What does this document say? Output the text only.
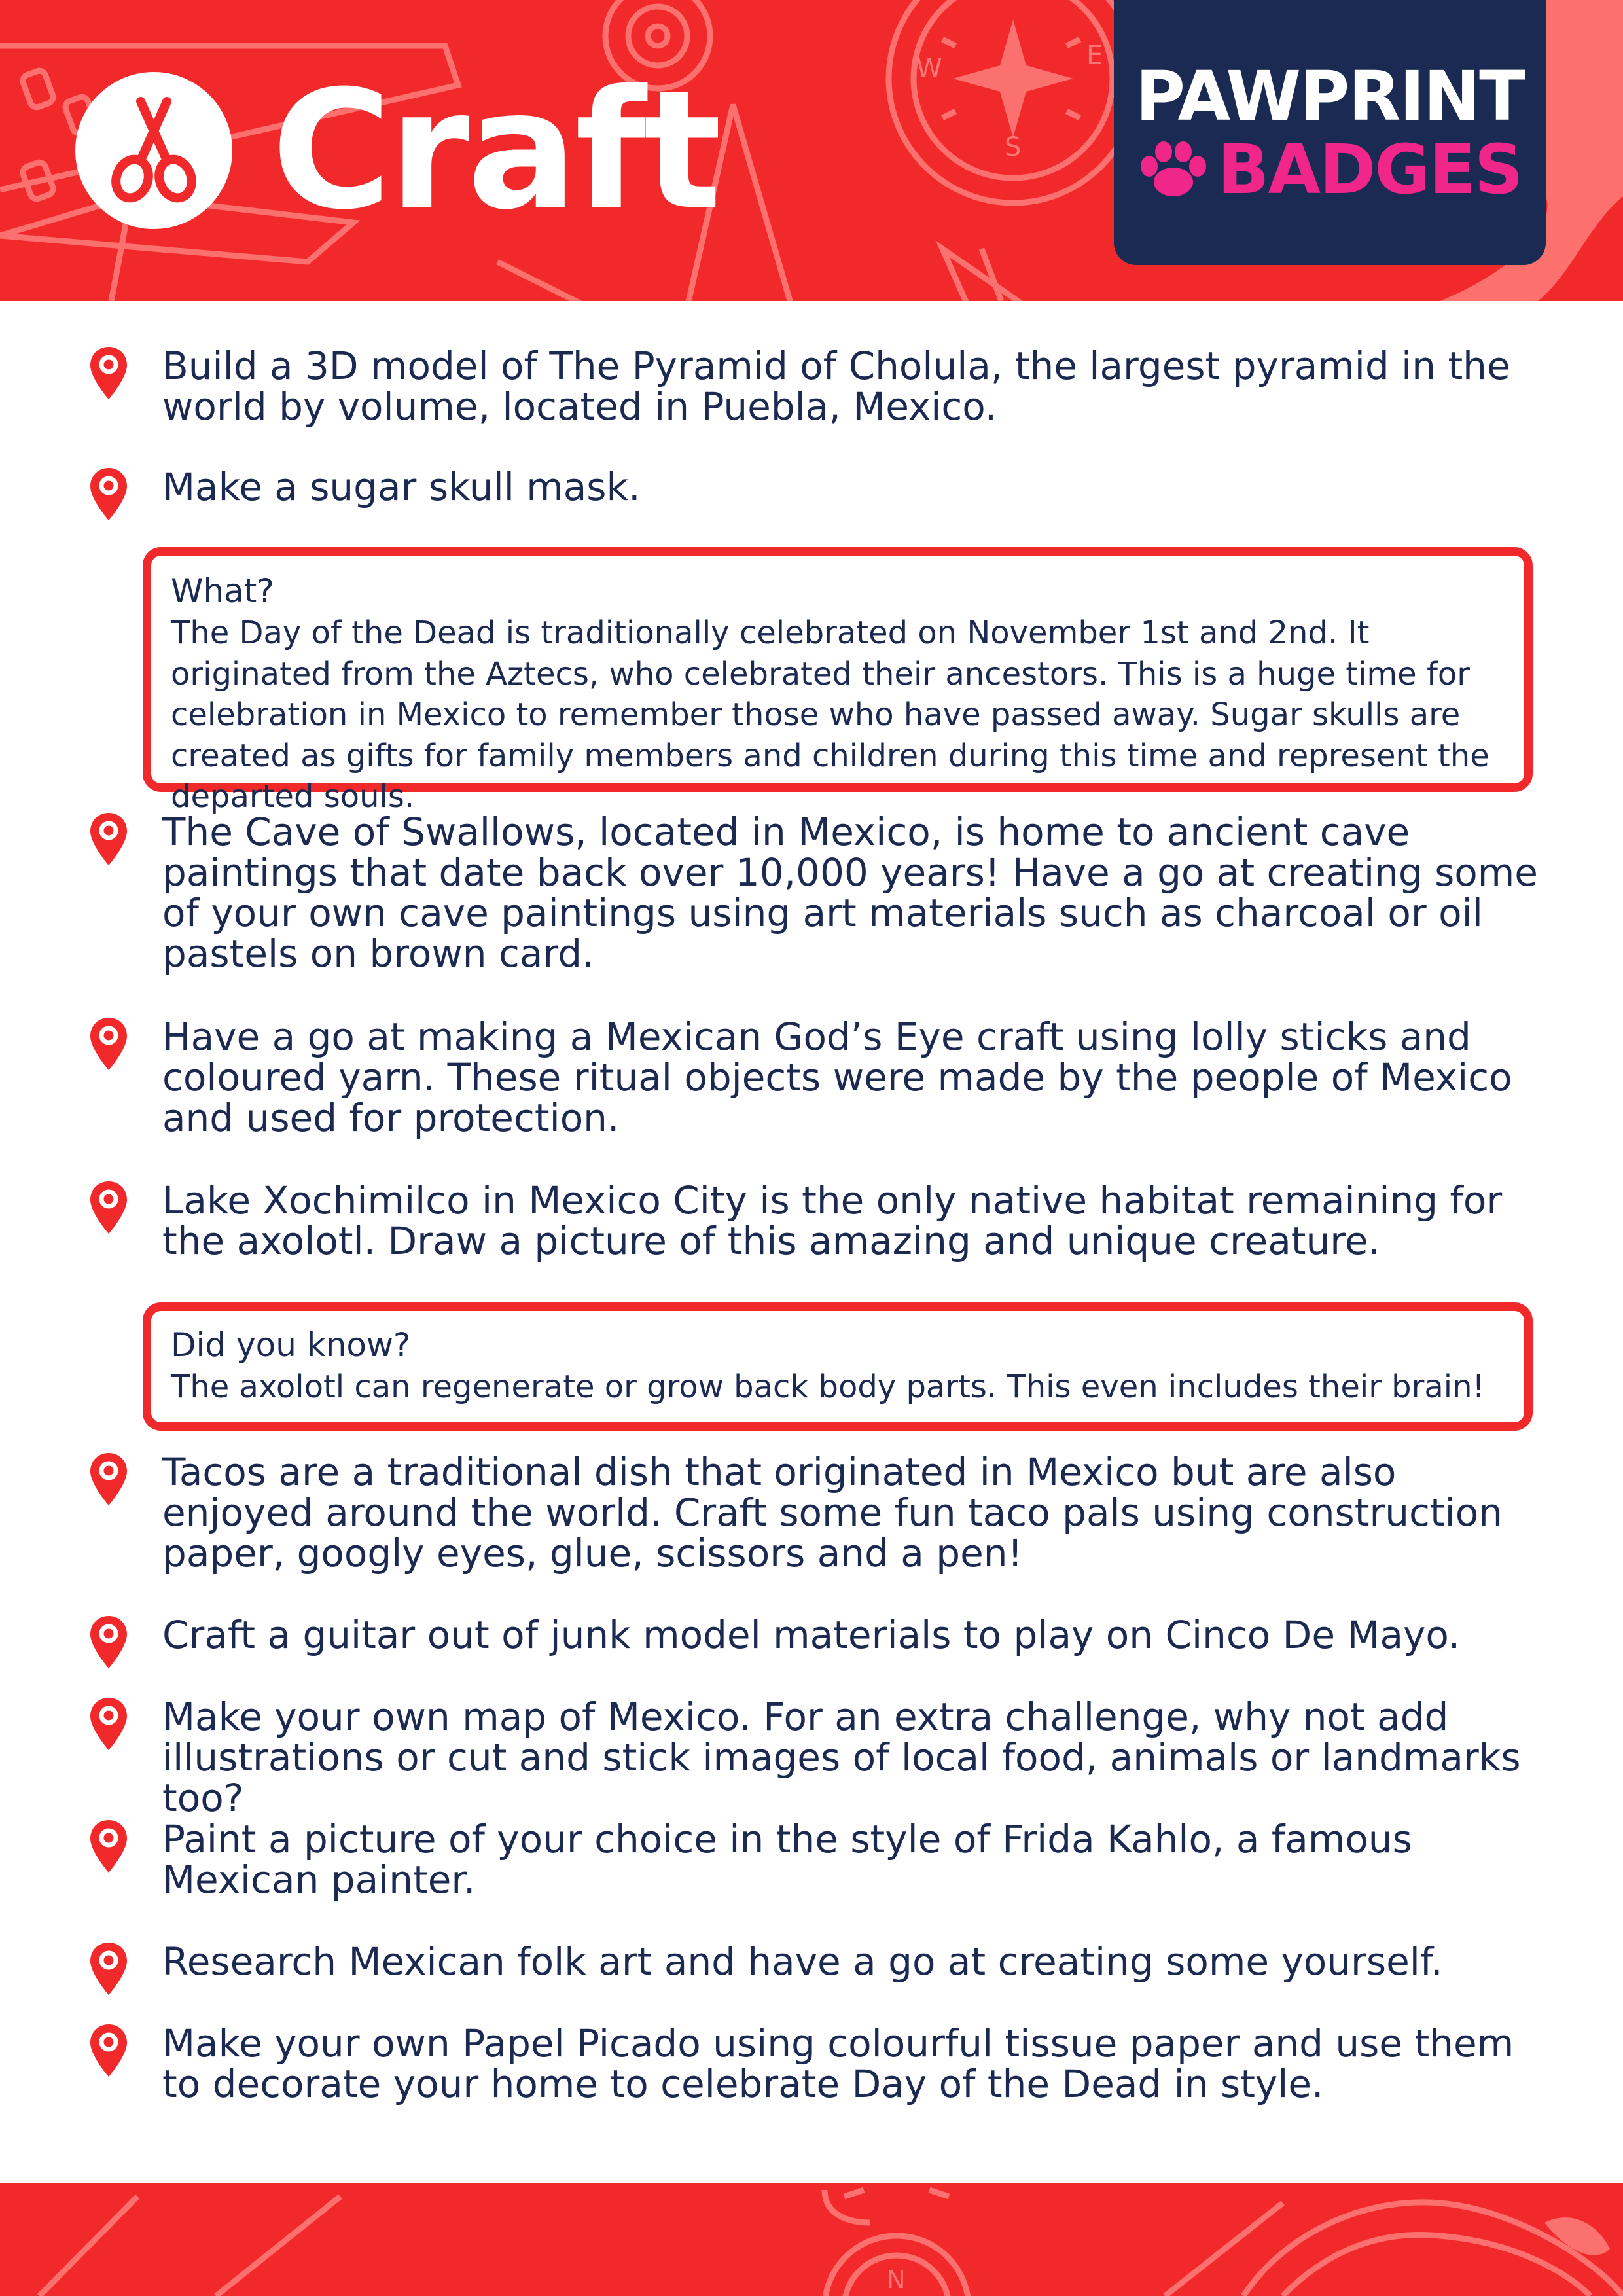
W	E
S
Craft	PAWPRINT
BADGES

Build a 3D model of The Pyramid of Cholula, the largest pyramid in the world by volume, located in Puebla, Mexico.

Make a sugar skull mask.

What?
The Day of the Dead is traditionally celebrated on November 1st and 2nd. It originated from the Aztecs, who celebrated their ancestors. This is a huge time for celebration in Mexico to remember those who have passed away. Sugar skulls are created as gifts for family members and children during this time and represent the departed souls.

The Cave of Swallows, located in Mexico, is home to ancient cave paintings that date back over 10,000 years! Have a go at creating some of your own cave paintings using art materials such as charcoal or oil pastels on brown card.

Have a go at making a Mexican God’s Eye craft using lolly sticks and coloured yarn. These ritual objects were made by the people of Mexico and used for protection.

Lake Xochimilco in Mexico City is the only native habitat remaining for the axolotl. Draw a picture of this amazing and unique creature.

Did you know?
The axolotl can regenerate or grow back body parts. This even includes their brain!

Tacos are a traditional dish that originated in Mexico but are also enjoyed around the world. Craft some fun taco pals using construction paper, googly eyes, glue, scissors and a pen!

Craft a guitar out of junk model materials to play on Cinco De Mayo.

Make your own map of Mexico. For an extra challenge, why not add illustrations or cut and stick images of local food, animals or landmarks too?

Paint a picture of your choice in the style of Frida Kahlo, a famous Mexican painter.

Research Mexican folk art and have a go at creating some yourself.

Make your own Papel Picado using colourful tissue paper and use them to decorate your home to celebrate Day of the Dead in style.

N
